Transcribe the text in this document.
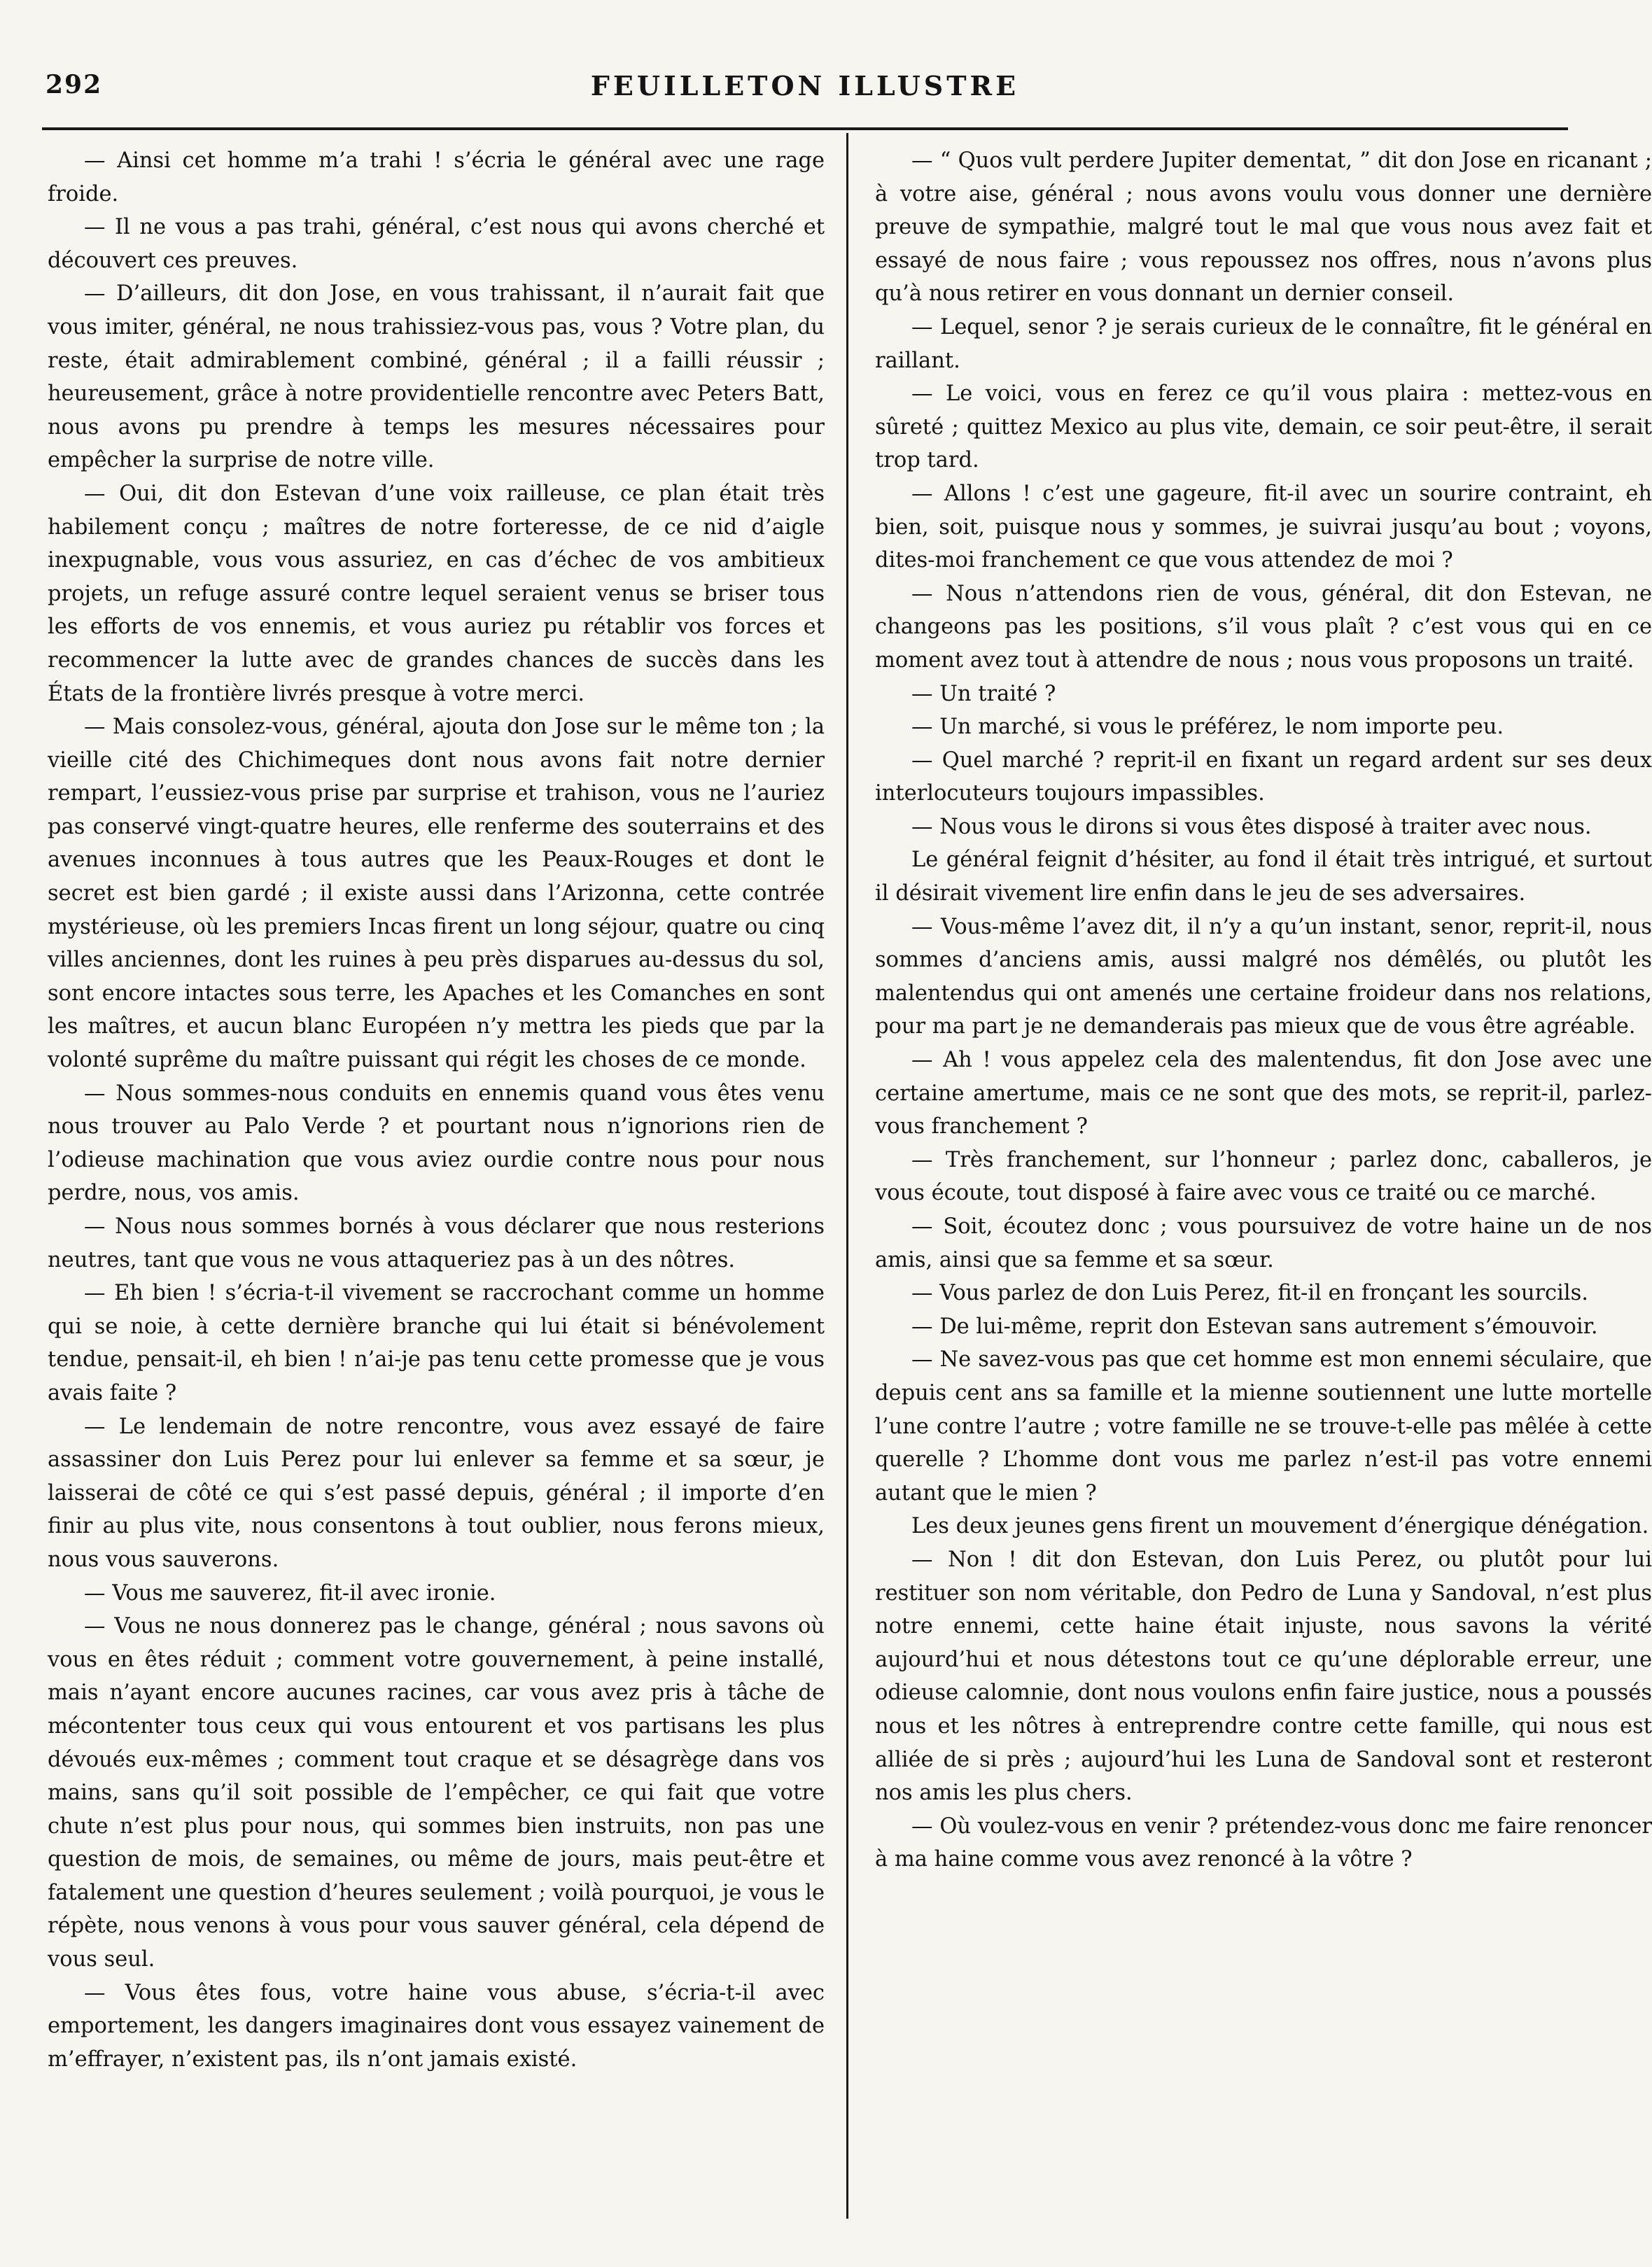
292	FEUILLETON ILLUSTRE

— Ainsi cet homme m’a trahi ! s’écria le général avec une rage froide.

— Il ne vous a pas trahi, général, c’est nous qui avons cherché et découvert ces preuves.

— D’ailleurs, dit don Jose, en vous trahissant, il n’aurait fait que vous imiter, général, ne nous trahissiez-vous pas, vous ? Votre plan, du reste, était admirablement combiné, général ; il a failli réussir ; heureusement, grâce à notre providentielle rencontre avec Peters Batt, nous avons pu prendre à temps les mesures nécessaires pour empêcher la surprise de notre ville.

— Oui, dit don Estevan d’une voix railleuse, ce plan était très habilement conçu ; maîtres de notre forteresse, de ce nid d’aigle inexpugnable, vous vous assuriez, en cas d’échec de vos ambitieux projets, un refuge assuré contre lequel seraient venus se briser tous les efforts de vos ennemis, et vous auriez pu rétablir vos forces et recommencer la lutte avec de grandes chances de succès dans les États de la frontière livrés presque à votre merci.

— Mais consolez-vous, général, ajouta don Jose sur le même ton ; la vieille cité des Chichimeques dont nous avons fait notre dernier rempart, l’eussiez-vous prise par surprise et trahison, vous ne l’auriez pas conservé vingt-quatre heures, elle renferme des souterrains et des avenues inconnues à tous autres que les Peaux-Rouges et dont le secret est bien gardé ; il existe aussi dans l’Arizonna, cette contrée mystérieuse, où les premiers Incas firent un long séjour, quatre ou cinq villes anciennes, dont les ruines à peu près disparues au-dessus du sol, sont encore intactes sous terre, les Apaches et les Comanches en sont les maîtres, et aucun blanc Européen n’y mettra les pieds que par la volonté suprême du maître puissant qui régit les choses de ce monde.

— Nous sommes-nous conduits en ennemis quand vous êtes venu nous trouver au Palo Verde ? et pourtant nous n’ignorions rien de l’odieuse machination que vous aviez ourdie contre nous pour nous perdre, nous, vos amis.

— Nous nous sommes bornés à vous déclarer que nous resterions neutres, tant que vous ne vous attaqueriez pas à un des nôtres.

— Eh bien ! s’écria-t-il vivement se raccrochant comme un homme qui se noie, à cette dernière branche qui lui était si bénévolement tendue, pensait-il, eh bien ! n’ai-je pas tenu cette promesse que je vous avais faite ?

— Le lendemain de notre rencontre, vous avez essayé de faire assassiner don Luis Perez pour lui enlever sa femme et sa sœur, je laisserai de côté ce qui s’est passé depuis, général ; il importe d’en finir au plus vite, nous consentons à tout oublier, nous ferons mieux, nous vous sauverons.

— Vous me sauverez, fit-il avec ironie.

— Vous ne nous donnerez pas le change, général ; nous savons où vous en êtes réduit ; comment votre gouvernement, à peine installé, mais n’ayant encore aucunes racines, car vous avez pris à tâche de mécontenter tous ceux qui vous entourent et vos partisans les plus dévoués eux-mêmes ; comment tout craque et se désagrège dans vos mains, sans qu’il soit possible de l’empêcher, ce qui fait que votre chute n’est plus pour nous, qui sommes bien instruits, non pas une question de mois, de semaines, ou même de jours, mais peut-être et fatalement une question d’heures seulement ; voilà pourquoi, je vous le répète, nous venons à vous pour vous sauver général, cela dépend de vous seul.

— Vous êtes fous, votre haine vous abuse, s’écria-t-il avec emportement, les dangers imaginaires dont vous essayez vainement de m’effrayer, n’existent pas, ils n’ont jamais existé.

— “ Quos vult perdere Jupiter dementat, ” dit don Jose en ricanant ; à votre aise, général ; nous avons voulu vous donner une dernière preuve de sympathie, malgré tout le mal que vous nous avez fait et essayé de nous faire ; vous repoussez nos offres, nous n’avons plus qu’à nous retirer en vous donnant un dernier conseil.

— Lequel, senor ? je serais curieux de le connaître, fit le général en raillant.

— Le voici, vous en ferez ce qu’il vous plaira : mettez-vous en sûreté ; quittez Mexico au plus vite, demain, ce soir peut-être, il serait trop tard.

— Allons ! c’est une gageure, fit-il avec un sourire contraint, eh bien, soit, puisque nous y sommes, je suivrai jusqu’au bout ; voyons, dites-moi franchement ce que vous attendez de moi ?

— Nous n’attendons rien de vous, général, dit don Estevan, ne changeons pas les positions, s’il vous plaît ? c’est vous qui en ce moment avez tout à attendre de nous ; nous vous proposons un traité.

— Un traité ?

— Un marché, si vous le préférez, le nom importe peu.

— Quel marché ? reprit-il en fixant un regard ardent sur ses deux interlocuteurs toujours impassibles.

— Nous vous le dirons si vous êtes disposé à traiter avec nous.

Le général feignit d’hésiter, au fond il était très intrigué, et surtout il désirait vivement lire enfin dans le jeu de ses adversaires.

— Vous-même l’avez dit, il n’y a qu’un instant, senor, reprit-il, nous sommes d’anciens amis, aussi malgré nos démêlés, ou plutôt les malentendus qui ont amenés une certaine froideur dans nos relations, pour ma part je ne demanderais pas mieux que de vous être agréable.

— Ah ! vous appelez cela des malentendus, fit don Jose avec une certaine amertume, mais ce ne sont que des mots, se reprit-il, parlez-vous franchement ?

— Très franchement, sur l’honneur ; parlez donc, caballeros, je vous écoute, tout disposé à faire avec vous ce traité ou ce marché.

— Soit, écoutez donc ; vous poursuivez de votre haine un de nos amis, ainsi que sa femme et sa sœur.

— Vous parlez de don Luis Perez, fit-il en fronçant les sourcils.

— De lui-même, reprit don Estevan sans autrement s’émouvoir.

— Ne savez-vous pas que cet homme est mon ennemi séculaire, que depuis cent ans sa famille et la mienne soutiennent une lutte mortelle l’une contre l’autre ; votre famille ne se trouve-t-elle pas mêlée à cette querelle ? L’homme dont vous me parlez n’est-il pas votre ennemi autant que le mien ?

Les deux jeunes gens firent un mouvement d’énergique dénégation.

— Non ! dit don Estevan, don Luis Perez, ou plutôt pour lui restituer son nom véritable, don Pedro de Luna y Sandoval, n’est plus notre ennemi, cette haine était injuste, nous savons la vérité aujourd’hui et nous détestons tout ce qu’une déplorable erreur, une odieuse calomnie, dont nous voulons enfin faire justice, nous a poussés nous et les nôtres à entreprendre contre cette famille, qui nous est alliée de si près ; aujourd’hui les Luna de Sandoval sont et resteront nos amis les plus chers.

— Où voulez-vous en venir ? prétendez-vous donc me faire renoncer à ma haine comme vous avez renoncé à la vôtre ?
